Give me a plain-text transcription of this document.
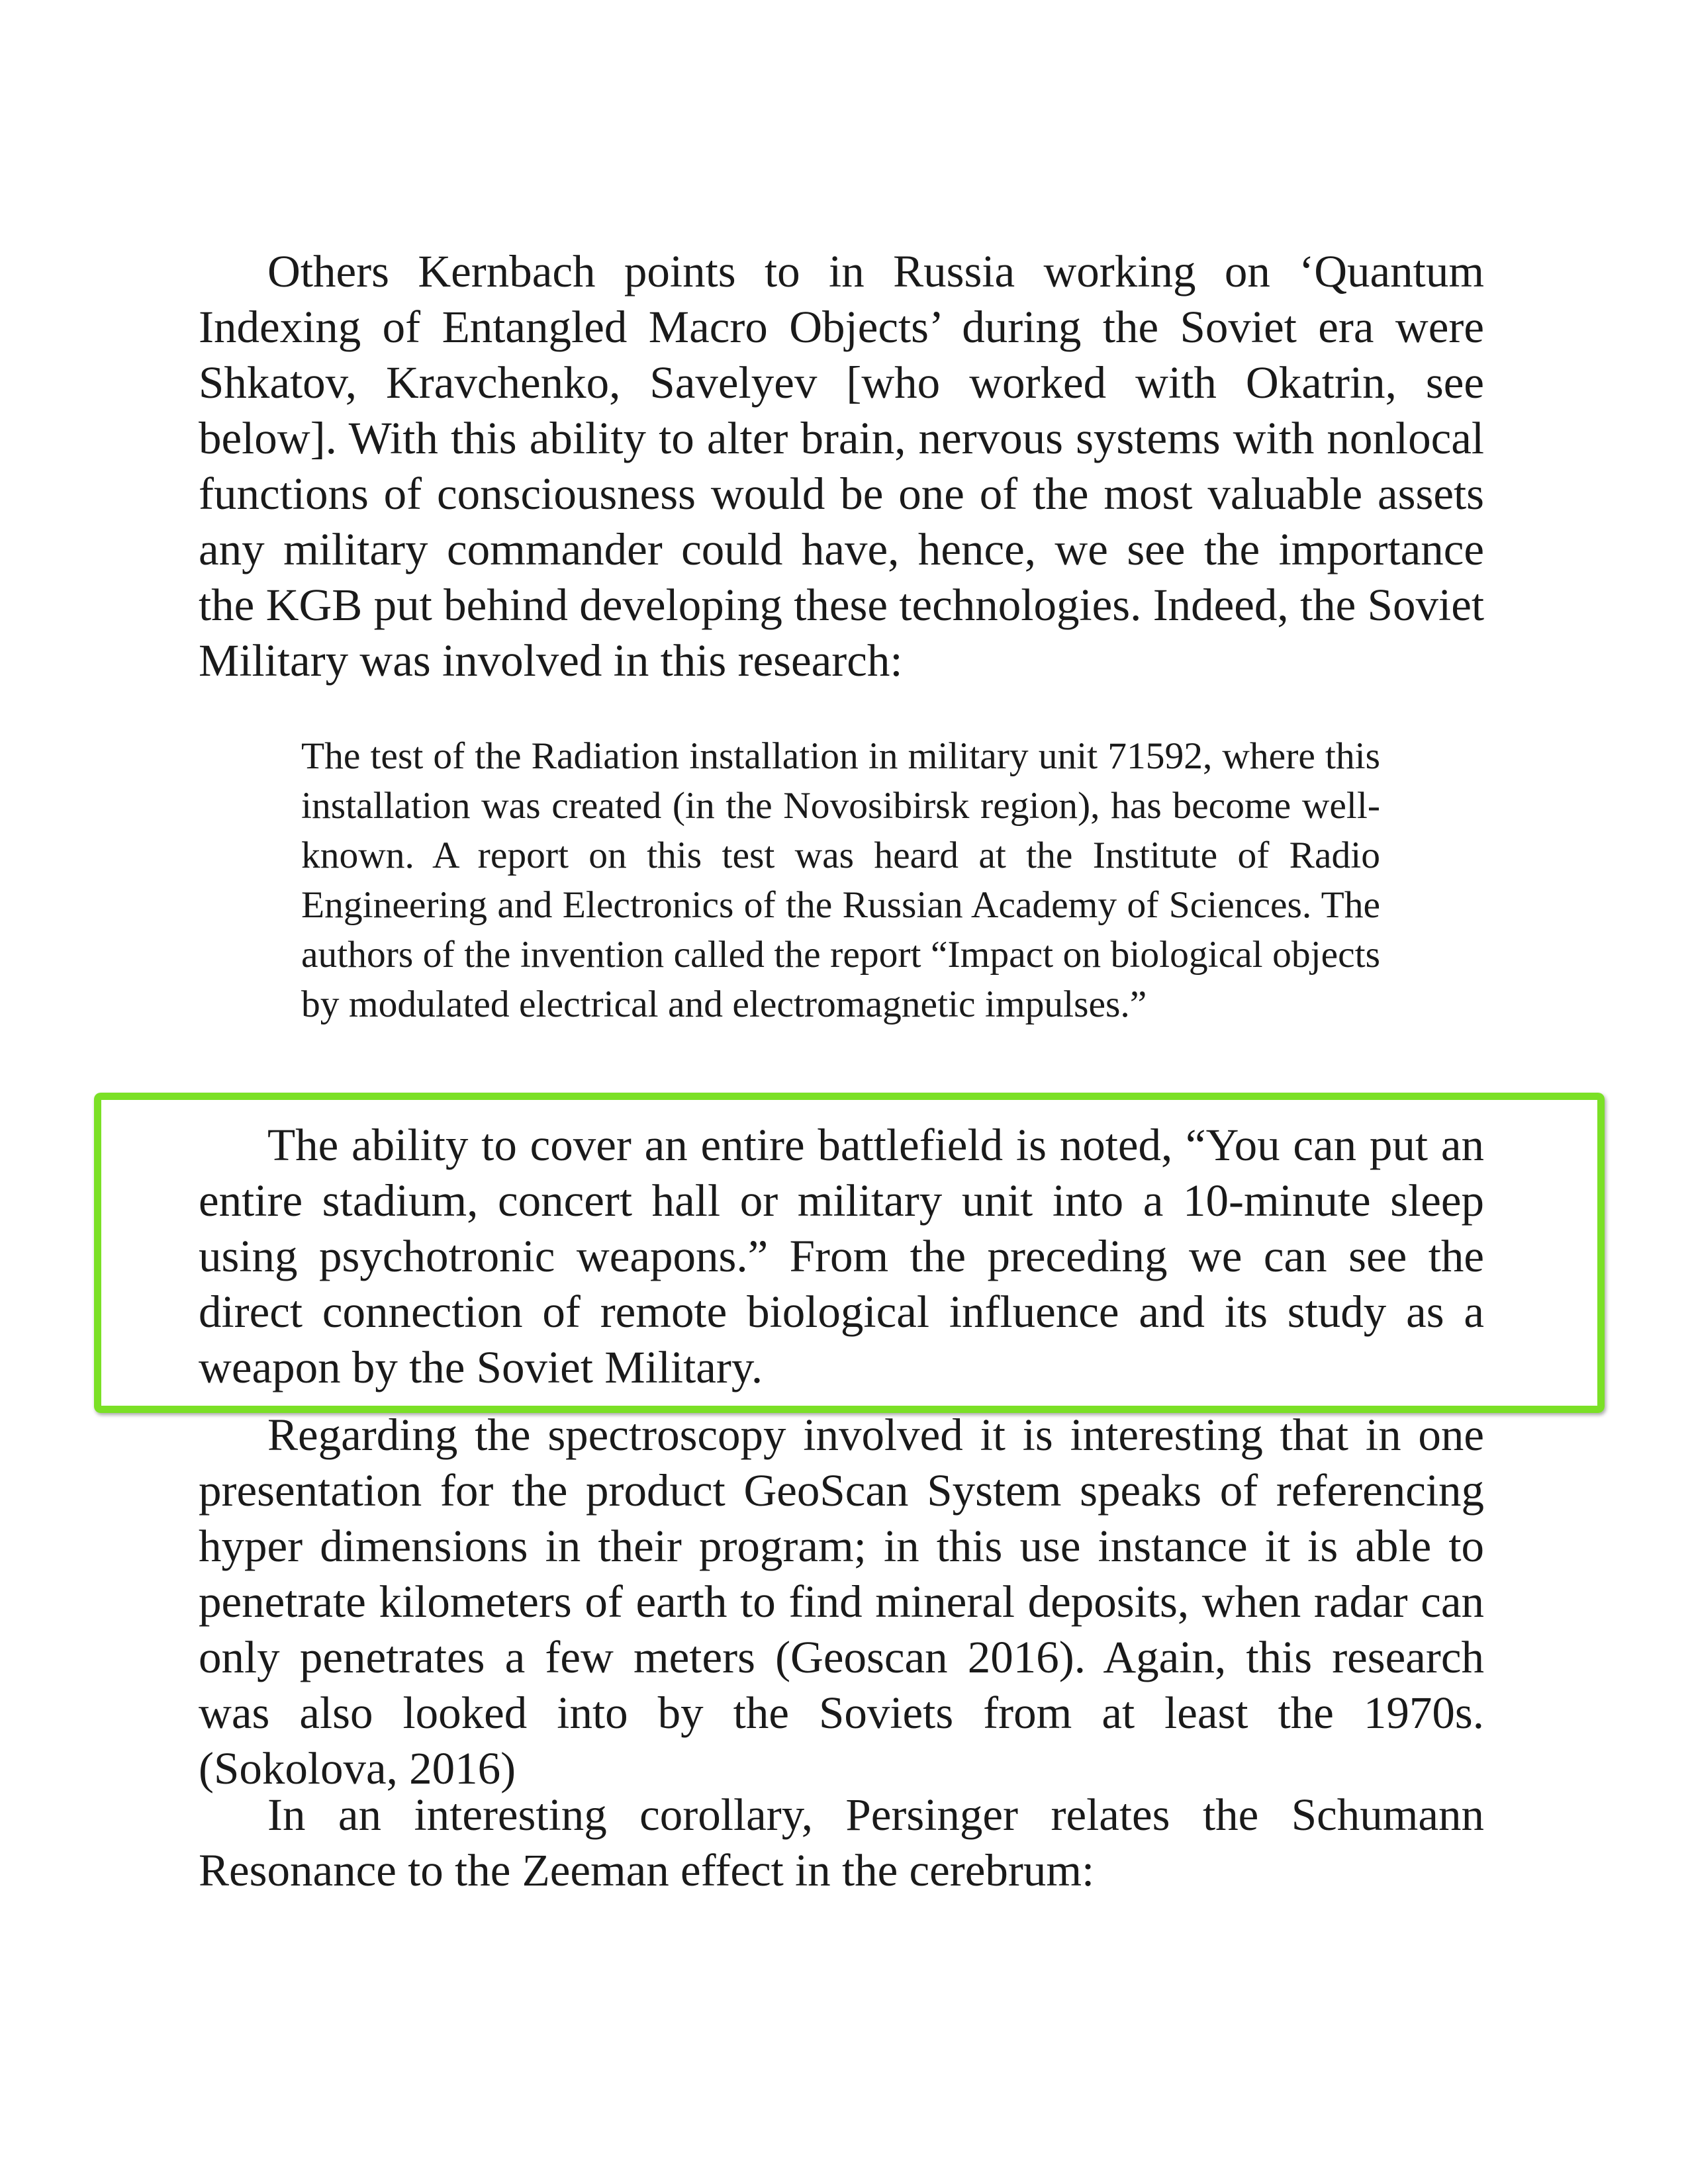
Others Kernbach points to in Russia working on ‘Quantum Indexing of Entangled Macro Objects’ during the Soviet era were Shkatov, Kravchenko, Savelyev [who worked with Okatrin, see below]. With this ability to alter brain, nervous systems with nonlocal functions of consciousness would be one of the most valuable assets any military commander could have, hence, we see the importance the KGB put behind developing these technologies. Indeed, the Soviet Military was involved in this research:

The test of the Radiation installation in military unit 71592, where this installation was created (in the Novosibirsk region), has become well-known. A report on this test was heard at the Institute of Radio Engineering and Electronics of the Russian Academy of Sciences. The authors of the invention called the report “Impact on biological objects by modulated electrical and electromagnetic impulses.”

The ability to cover an entire battlefield is noted, “You can put an entire stadium, concert hall or military unit into a 10-minute sleep using psychotronic weapons.” From the preceding we can see the direct connection of remote biological influence and its study as a weapon by the Soviet Military.

Regarding the spectroscopy involved it is interesting that in one presentation for the product GeoScan System speaks of referencing hyper dimensions in their program; in this use instance it is able to penetrate kilometers of earth to find mineral deposits, when radar can only penetrates a few meters (Geoscan 2016). Again, this research was also looked into by the Soviets from at least the 1970s. (Sokolova, 2016)

In an interesting corollary, Persinger relates the Schumann Resonance to the Zeeman effect in the cerebrum:
